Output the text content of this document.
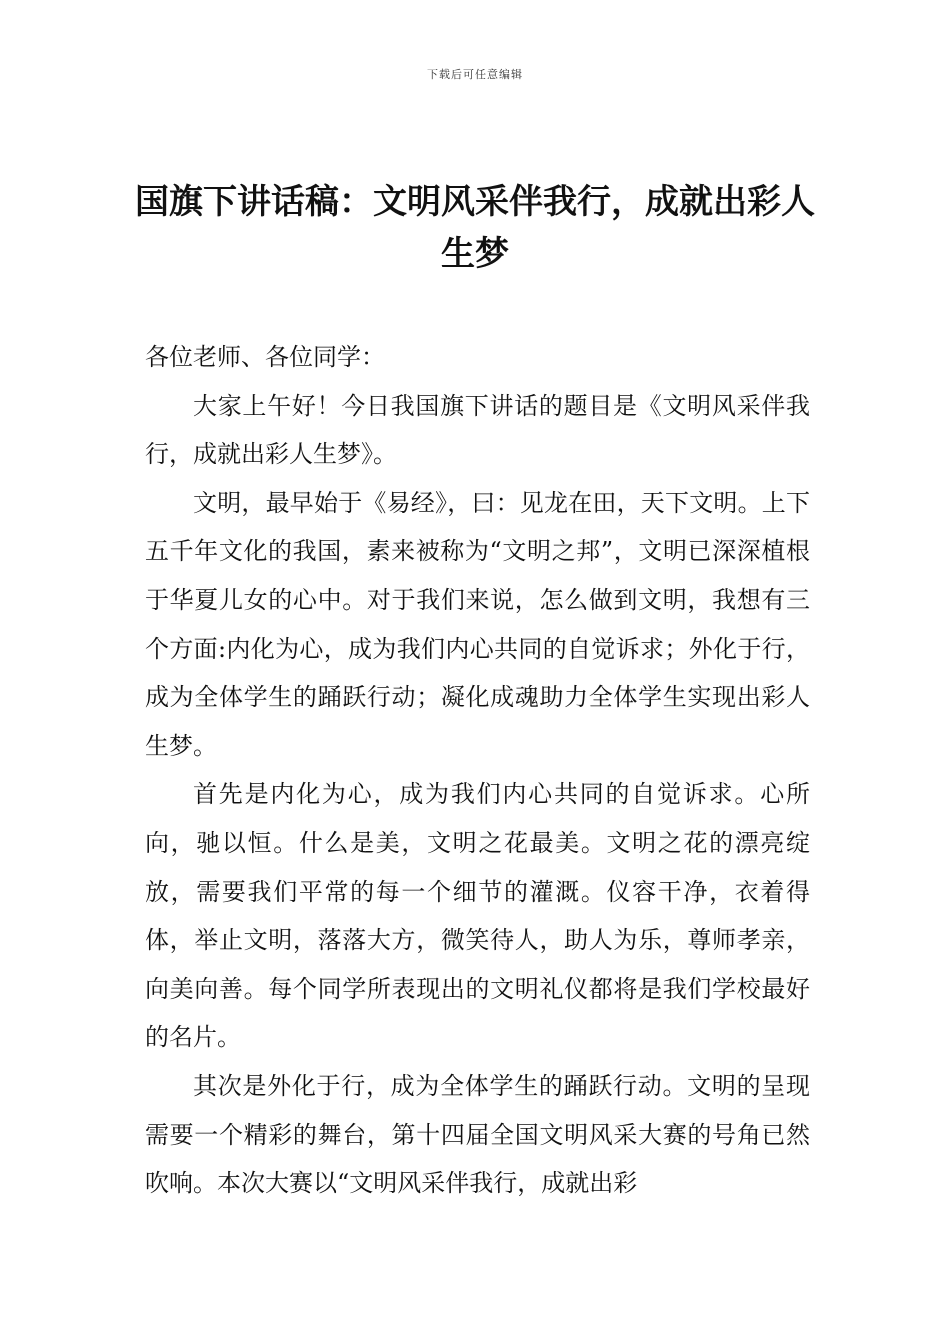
下载后可任意编辑
国旗下讲话稿：文明风采伴我行，成就出彩人生梦

各位老师、各位同学：

大家上午好！今日我国旗下讲话的题目是《文明风采伴我行，成就出彩人生梦》。

文明，最早始于《易经》，曰：见龙在田，天下文明。上下五千年文化的我国，素来被称为“文明之邦”，文明已深深植根于华夏儿女的心中。对于我们来说，怎么做到文明，我想有三个方面:内化为心，成为我们内心共同的自觉诉求；外化于行，成为全体学生的踊跃行动；凝化成魂助力全体学生实现出彩人生梦。

首先是内化为心，成为我们内心共同的自觉诉求。心所向，驰以恒。什么是美，文明之花最美。文明之花的漂亮绽放，需要我们平常的每一个细节的灌溉。仪容干净，衣着得体，举止文明，落落大方，微笑待人，助人为乐，尊师孝亲，向美向善。每个同学所表现出的文明礼仪都将是我们学校最好的名片。

其次是外化于行，成为全体学生的踊跃行动。文明的呈现需要一个精彩的舞台，第十四届全国文明风采大赛的号角已然吹响。本次大赛以“文明风采伴我行，成就出彩
